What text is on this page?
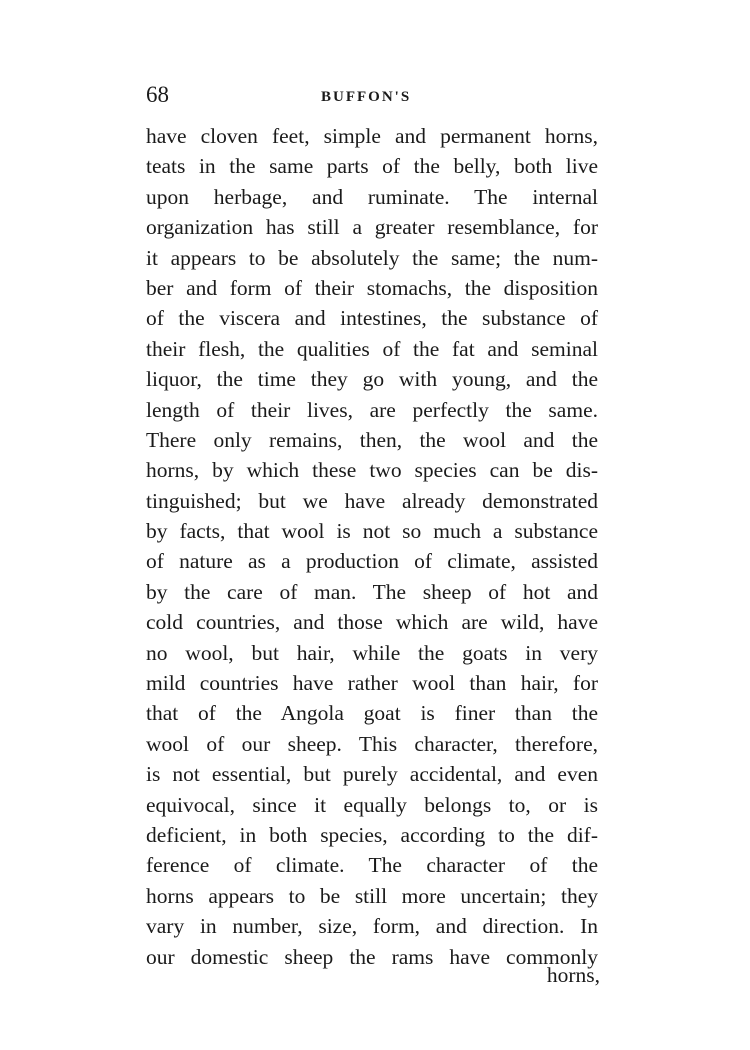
68	BUFFON'S
have cloven feet, simple and permanent horns,
teats in the same parts of the belly, both live
upon herbage, and ruminate. The internal
organization has still a greater resemblance, for
it appears to be absolutely the same; the num-
ber and form of their stomachs, the disposition
of the viscera and intestines, the substance of
their flesh, the qualities of the fat and seminal
liquor, the time they go with young, and the
length of their lives, are perfectly the same.
There only remains, then, the wool and the
horns, by which these two species can be dis-
tinguished; but we have already demonstrated
by facts, that wool is not so much a substance
of nature as a production of climate, assisted
by the care of man. The sheep of hot and
cold countries, and those which are wild, have
no wool, but hair, while the goats in very
mild countries have rather wool than hair, for
that of the Angola goat is finer than the
wool of our sheep. This character, therefore,
is not essential, but purely accidental, and even
equivocal, since it equally belongs to, or is
deficient, in both species, according to the dif-
ference of climate. The character of the
horns appears to be still more uncertain; they
vary in number, size, form, and direction. In
our domestic sheep the rams have commonly
horns,
